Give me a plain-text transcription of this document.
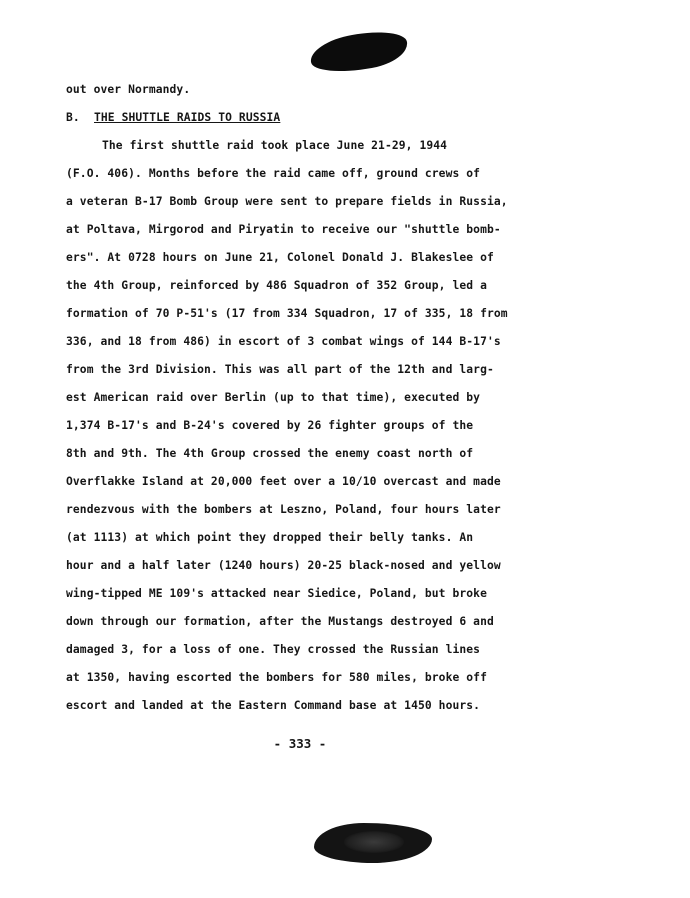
out over Normandy.
B. THE SHUTTLE RAIDS TO RUSSIA
The first shuttle raid took place June 21-29, 1944
(F.O. 406). Months before the raid came off, ground crews of
a veteran B-17 Bomb Group were sent to prepare fields in Russia,
at Poltava, Mirgorod and Piryatin to receive our "shuttle bomb-
ers". At 0728 hours on June 21, Colonel Donald J. Blakeslee of
the 4th Group, reinforced by 486 Squadron of 352 Group, led a
formation of 70 P-51's (17 from 334 Squadron, 17 of 335, 18 from
336, and 18 from 486) in escort of 3 combat wings of 144 B-17's
from the 3rd Division. This was all part of the 12th and larg-
est American raid over Berlin (up to that time), executed by
1,374 B-17's and B-24's covered by 26 fighter groups of the
8th and 9th. The 4th Group crossed the enemy coast north of
Overflakke Island at 20,000 feet over a 10/10 overcast and made
rendezvous with the bombers at Leszno, Poland, four hours later
(at 1113) at which point they dropped their belly tanks. An
hour and a half later (1240 hours) 20-25 black-nosed and yellow
wing-tipped ME 109's attacked near Siedice, Poland, but broke
down through our formation, after the Mustangs destroyed 6 and
damaged 3, for a loss of one. They crossed the Russian lines
at 1350, having escorted the bombers for 580 miles, broke off
escort and landed at the Eastern Command base at 1450 hours.
- 333 -
